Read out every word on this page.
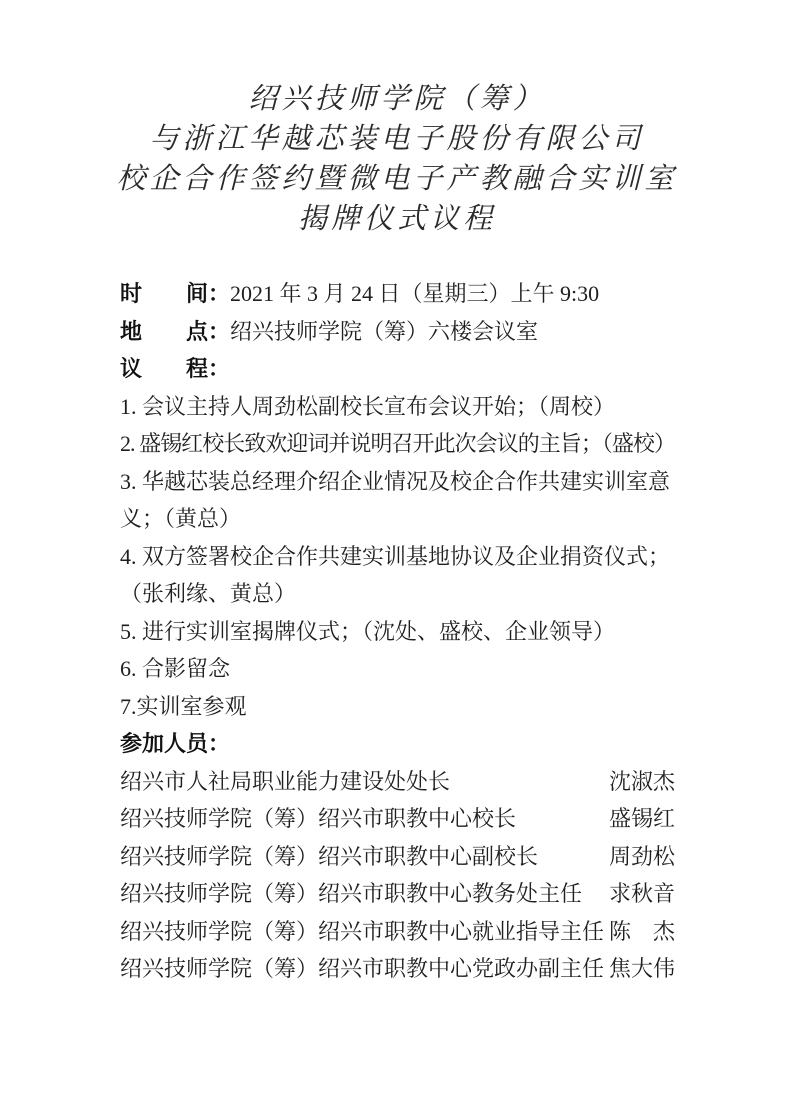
绍兴技师学院（筹）
与浙江华越芯装电子股份有限公司
校企合作签约暨微电子产教融合实训室
揭牌仪式议程
时　　间： 2021 年 3 月 24 日（星期三）上午 9:30
地　　点： 绍兴技师学院（筹）六楼会议室
议　　程：
1. 会议主持人周劲松副校长宣布会议开始；（周校）
2. 盛锡红校长致欢迎词并说明召开此次会议的主旨；（盛校）
3. 华越芯装总经理介绍企业情况及校企合作共建实训室意
义；（黄总）
4. 双方签署校企合作共建实训基地协议及企业捐资仪式；
（张利缘、黄总）
5. 进行实训室揭牌仪式；（沈处、盛校、企业领导）
6. 合影留念
7.实训室参观
参加人员：
绍兴市人社局职业能力建设处处长	沈淑杰
绍兴技师学院（筹）绍兴市职教中心校长	盛锡红
绍兴技师学院（筹）绍兴市职教中心副校长	周劲松
绍兴技师学院（筹）绍兴市职教中心教务处主任 求秋音
绍兴技师学院（筹）绍兴市职教中心就业指导主任 陈　杰
绍兴技师学院（筹）绍兴市职教中心党政办副主任 焦大伟
